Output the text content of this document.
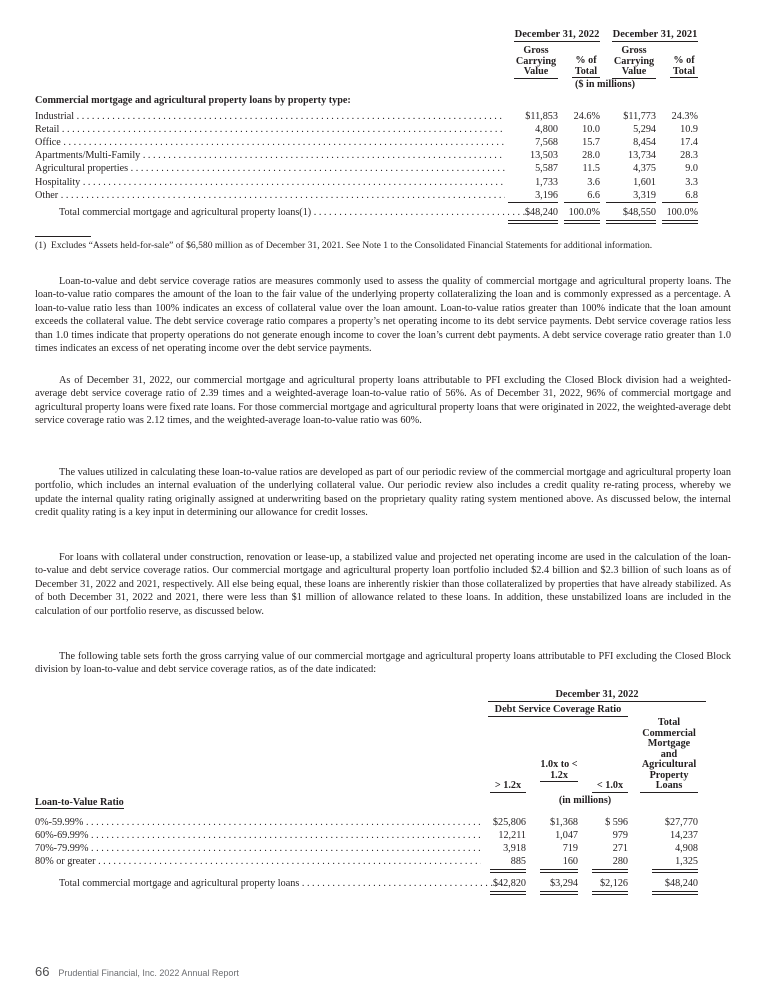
December 31, 2022 December 31, 2021
Gross Carrying Value
% of Total
Gross Carrying Value
% of Total
($ in millions)
Commercial mortgage and agricultural property loans by property type:
Industrial . . .	$11,853	24.6%	$11,773	24.3%
Retail . . .	4,800	10.0	5,294	10.9
Office . . .	7,568	15.7	8,454	17.4
Apartments/Multi-Family . . .	13,503	28.0	13,734	28.3
Agricultural properties . . .	5,587	11.5	4,375	9.0
Hospitality . . .	1,733	3.6	1,601	3.3
Other . . .	3,196	6.6	3,319	6.8
Total commercial mortgage and agricultural property loans(1) . . .	$48,240	100.0%	$48,550	100.0%
(1) Excludes “Assets held-for-sale” of $6,580 million as of December 31, 2021. See Note 1 to the Consolidated Financial Statements for additional information.

Loan-to-value and debt service coverage ratios are measures commonly used to assess the quality of commercial mortgage and agricultural property loans. The loan-to-value ratio compares the amount of the loan to the fair value of the underlying property collateralizing the loan and is commonly expressed as a percentage. A loan-to-value ratio less than 100% indicates an excess of collateral value over the loan amount. Loan-to-value ratios greater than 100% indicate that the loan amount exceeds the collateral value. The debt service coverage ratio compares a property’s net operating income to its debt service payments. Debt service coverage ratios less than 1.0 times indicate that property operations do not generate enough income to cover the loan’s current debt payments. A debt service coverage ratio greater than 1.0 times indicates an excess of net operating income over the debt service payments.

As of December 31, 2022, our commercial mortgage and agricultural property loans attributable to PFI excluding the Closed Block division had a weighted-average debt service coverage ratio of 2.39 times and a weighted-average loan-to-value ratio of 56%. As of December 31, 2022, 96% of commercial mortgage and agricultural property loans were fixed rate loans. For those commercial mortgage and agricultural property loans that were originated in 2022, the weighted-average debt service coverage ratio was 2.12 times, and the weighted-average loan-to-value ratio was 60%.

The values utilized in calculating these loan-to-value ratios are developed as part of our periodic review of the commercial mortgage and agricultural property loan portfolio, which includes an internal evaluation of the underlying collateral value. Our periodic review also includes a credit quality re-rating process, whereby we update the internal quality rating originally assigned at underwriting based on the proprietary quality rating system mentioned above. As discussed below, the internal credit quality rating is a key input in determining our allowance for credit losses.

For loans with collateral under construction, renovation or lease-up, a stabilized value and projected net operating income are used in the calculation of the loan-to-value and debt service coverage ratios. Our commercial mortgage and agricultural property loan portfolio included $2.4 billion and $2.3 billion of such loans as of December 31, 2022 and 2021, respectively. All else being equal, these loans are inherently riskier than those collateralized by properties that have already stabilized. As of both December 31, 2022 and 2021, there were less than $1 million of allowance related to these loans. In addition, these unstabilized loans are included in the calculation of our portfolio reserve, as discussed below.

The following table sets forth the gross carrying value of our commercial mortgage and agricultural property loans attributable to PFI excluding the Closed Block division by loan-to-value and debt service coverage ratios, as of the date indicated:

December 31, 2022
Debt Service Coverage Ratio
> 1.2x
1.0x to < 1.2x
< 1.0x
Total Commercial Mortgage and Agricultural Property Loans
(in millions)
Loan-to-Value Ratio
0%-59.99% . . .	$25,806	$1,368	$ 596	$27,770
60%-69.99% . . .	12,211	1,047	979	14,237
70%-79.99% . . .	3,918	719	271	4,908
80% or greater . . .	885	160	280	1,325
Total commercial mortgage and agricultural property loans . . .	$42,820	$3,294	$2,126	$48,240
66 Prudential Financial, Inc. 2022 Annual Report
